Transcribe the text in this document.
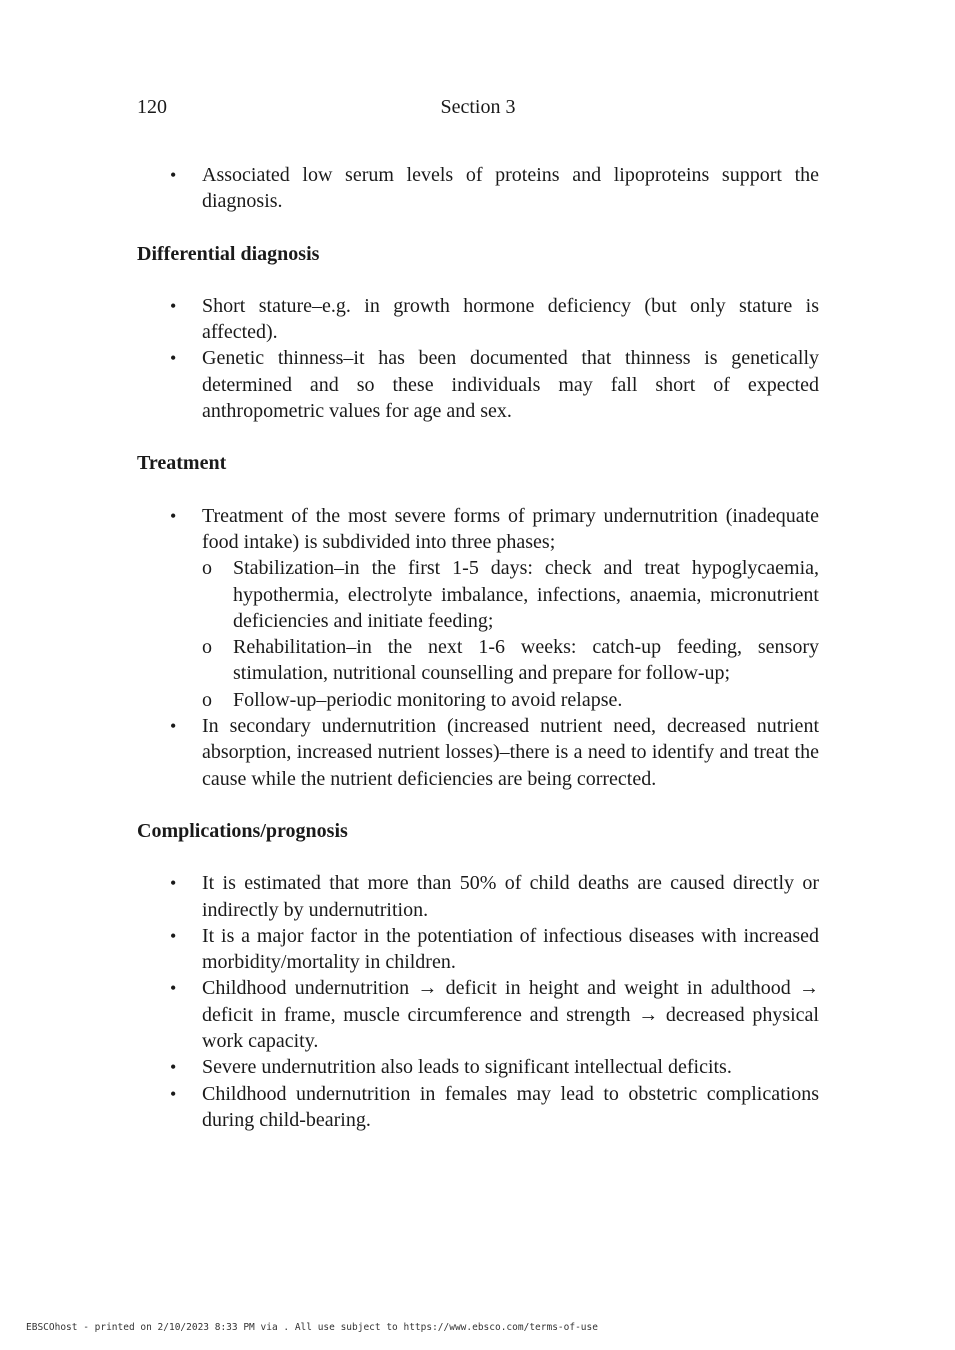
120	Section 3
• Associated low serum levels of proteins and lipoproteins support the diagnosis.
Differential diagnosis
• Short stature–e.g. in growth hormone deficiency (but only stature is affected).
• Genetic thinness–it has been documented that thinness is genetically determined and so these individuals may fall short of expected anthropometric values for age and sex.
Treatment
• Treatment of the most severe forms of primary undernutrition (inadequate food intake) is subdivided into three phases;
o Stabilization–in the first 1-5 days: check and treat hypoglycaemia, hypothermia, electrolyte imbalance, infections, anaemia, micronutrient deficiencies and initiate feeding;
o Rehabilitation–in the next 1-6 weeks: catch-up feeding, sensory stimulation, nutritional counselling and prepare for follow-up;
o Follow-up–periodic monitoring to avoid relapse.
• In secondary undernutrition (increased nutrient need, decreased nutrient absorption, increased nutrient losses)–there is a need to identify and treat the cause while the nutrient deficiencies are being corrected.
Complications/prognosis
• It is estimated that more than 50% of child deaths are caused directly or indirectly by undernutrition.
• It is a major factor in the potentiation of infectious diseases with increased morbidity/mortality in children.
• Childhood undernutrition → deficit in height and weight in adulthood → deficit in frame, muscle circumference and strength → decreased physical work capacity.
• Severe undernutrition also leads to significant intellectual deficits.
• Childhood undernutrition in females may lead to obstetric complications during child-bearing.
EBSCOhost - printed on 2/10/2023 8:33 PM via . All use subject to https://www.ebsco.com/terms-of-use
